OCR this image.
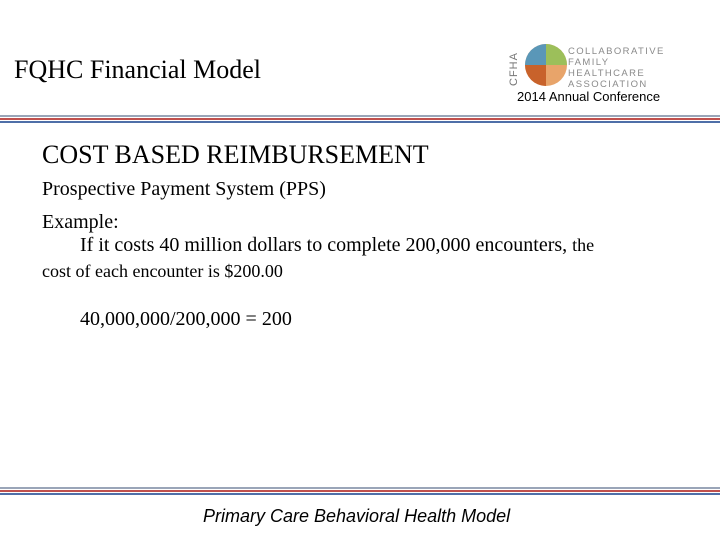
FQHC Financial Model	CFHA
COLLABORATIVE
FAMILY HEALTHCARE
ASSOCIATION
2014 Annual Conference
COST BASED REIMBURSEMENT

Prospective Payment System (PPS)

Example:

If it costs 40 million dollars to complete 200,000 encounters, the

cost of each encounter is $200.00

40,000,000/200,000 = 200

Primary Care Behavioral Health Model
